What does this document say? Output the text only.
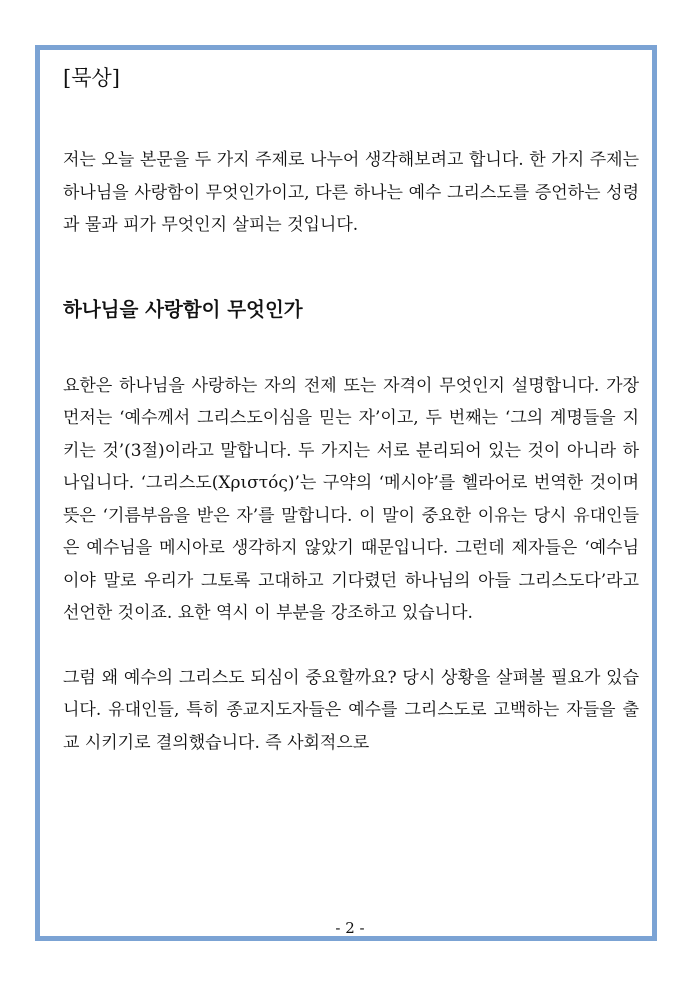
[묵상]

저는 오늘 본문을 두 가지 주제로 나누어 생각해보려고 합니다. 한 가지 주제는 하나님을 사랑함이 무엇인가이고, 다른 하나는 예수 그리스도를 증언하는 성령과 물과 피가 무엇인지 살피는 것입니다.

하나님을 사랑함이 무엇인가

요한은 하나님을 사랑하는 자의 전제 또는 자격이 무엇인지 설명합니다. 가장 먼저는 ‘예수께서 그리스도이심을 믿는 자’이고, 두 번째는 ‘그의 계명들을 지키는 것’(3절)이라고 말합니다. 두 가지는 서로 분리되어 있는 것이 아니라 하나입니다. ‘그리스도(Χριστός)’는 구약의 ‘메시야’를 헬라어로 번역한 것이며 뜻은 ‘기름부음을 받은 자’를 말합니다. 이 말이 중요한 이유는 당시 유대인들은 예수님을 메시아로 생각하지 않았기 때문입니다. 그런데 제자들은 ‘예수님이야 말로 우리가 그토록 고대하고 기다렸던 하나님의 아들 그리스도다’라고 선언한 것이죠. 요한 역시 이 부분을 강조하고 있습니다.

그럼 왜 예수의 그리스도 되심이 중요할까요? 당시 상황을 살펴볼 필요가 있습니다. 유대인들, 특히 종교지도자들은 예수를 그리스도로 고백하는 자들을 출교 시키기로 결의했습니다. 즉 사회적으로

- 2 -
